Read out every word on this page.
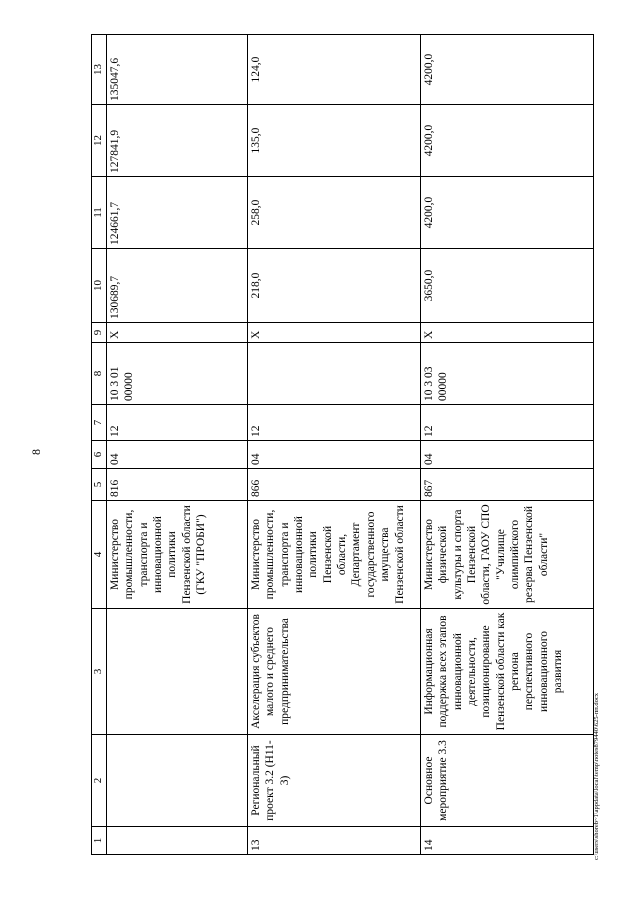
8
1	2	3	4	5	6	7	8	9	10	11	12	13
			Министерство промышленности, транспорта и инновационной политики Пензенской области (ГКУ "ПРОБИ")	816	04	12	10 3 01 00000	Х	130689,7	124661,7	127841,9	135047,6
13	Региональный проект 3.2 (Н11-3)	Акселерация субъектов малого и среднего предпринимательства	Министерство промышленности, транспорта и инновационной политики Пензенской области, Департамент государственного имущества Пензенской области	866	04	12		Х	218,0	258,0	135,0	124,0
14	Основное мероприятие 3.3	Информационная поддержка всех этапов инновационной деятельности, позиционирование Пензенской области как региона перспективного инновационного развития	Министерство физической культуры и спорта Пензенской области, ГАОУ СПО "Училище олимпийского резерва Пензенской области"	867	04	12	10 3 03 00000	Х	3650,0	4200,0	4200,0	4200,0
c:\users\shoreb~1\appdata\local\temp\notes879440\625-пп.docx
